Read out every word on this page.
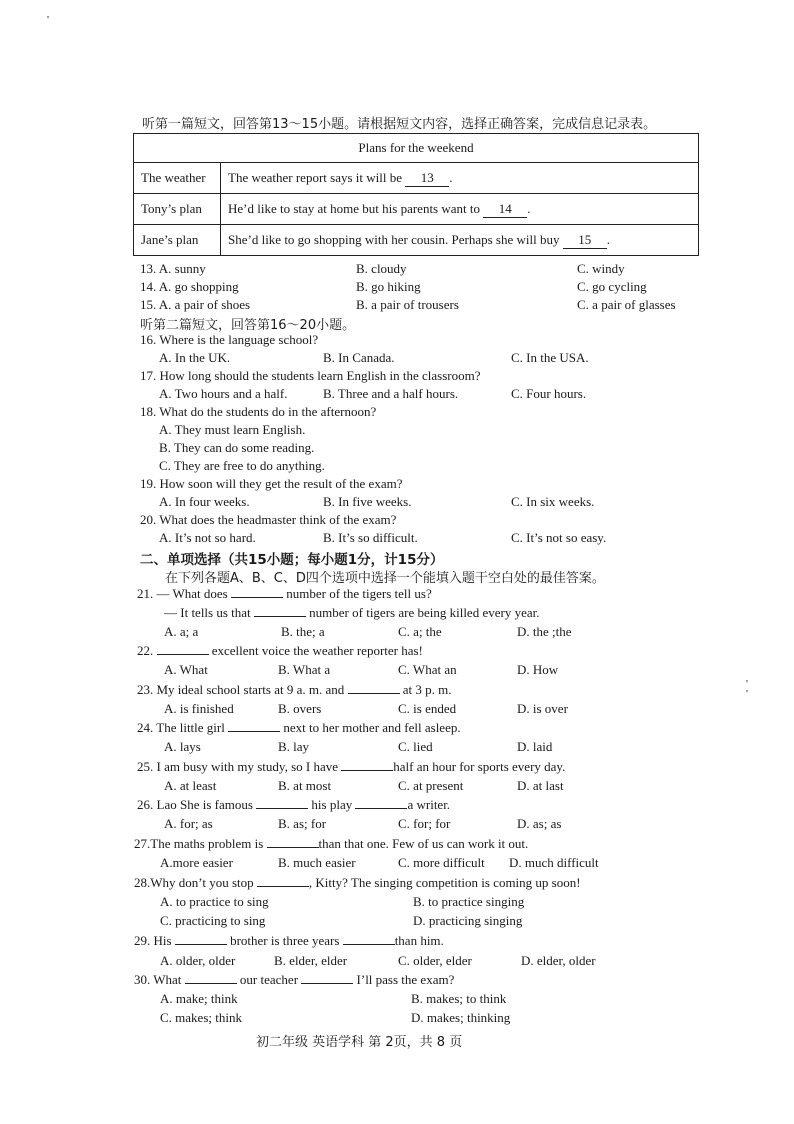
'
'
'
听第一篇短文，回答第13～15小题。请根据短文内容，选择正确答案，完成信息记录表。
Plans for the weekend	
The weather	The weather report says it will be 13 .
Tony’s plan	He’d like to stay at home but his parents want to 14 .
Jane’s plan	She’d like to go shopping with her cousin. Perhaps she will buy 15 .
13. A. sunny	B. cloudy	C. windy
14. A. go shopping	B. go hiking	C. go cycling
15. A. a pair of shoes	B. a pair of trousers	C. a pair of glasses
听第二篇短文，回答第16～20小题。
16. Where is the language school?
A. In the UK.	B. In Canada.	C. In the USA.
17. How long should the students learn English in the classroom?
A. Two hours and a half.	B. Three and a half hours.	C. Four hours.
18. What do the students do in the afternoon?
A. They must learn English.
B. They can do some reading.
C. They are free to do anything.
19. How soon will they get the result of the exam?
A. In four weeks.	B. In five weeks.	C. In six weeks.
20. What does the headmaster think of the exam?
A. It’s not so hard.	B. It’s so difficult.	C. It’s not so easy.
二、单项选择（共15小题；每小题1分，计15分）
在下列各题A、B、C、D四个选项中选择一个能填入题干空白处的最佳答案。
21. — What does	number of the tigers tell us?
— It tells us that	number of tigers are being killed every year.
A. a; a	B. the; a	C. a; the	D. the ;the
22.	excellent voice the weather reporter has!
A. What	B. What a	C. What an	D. How
23. My ideal school starts at 9 a. m. and	at 3 p. m.
A. is finished	B. overs	C. is ended	D. is over
24. The little girl	next to her mother and fell asleep.
A. lays	B. lay	C. lied	D. laid
25. I am busy with my study, so I have	half an hour for sports every day.
A. at least	B. at most	C. at present	D. at last
26. Lao She is famous	his play	a writer.
A. for; as	B. as; for	C. for; for	D. as; as
27.The maths problem is	than that one. Few of us can work it out.
A.more easier	B. much easier	C. more difficult D. much difficult
28.Why don’t you stop	, Kitty? The singing competition is coming up soon!
A. to practice to sing	B. to practice singing
C. practicing to sing	D. practicing singing
29. His	brother is three years	than him.
A. older, older	B. elder, elder	C. older, elder	D. elder, older
30. What	our teacher	I’ll pass the exam?
A. make; think	B. makes; to think
C. makes; think	D. makes; thinking
初二年级 英语学科 第 2页，共 8 页
